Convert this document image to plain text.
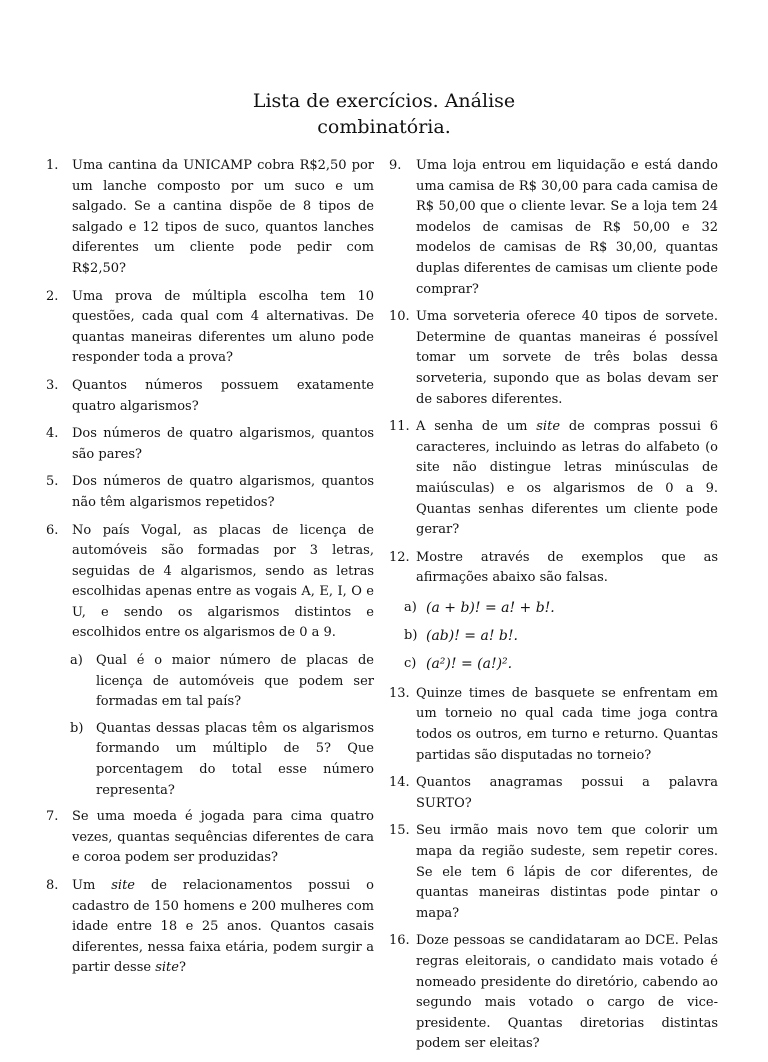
Lista de exercícios. Análise
combinatória.
1.	Uma cantina da UNICAMP cobra R$2,50 por um lanche composto por um suco e um salgado. Se a cantina dispõe de 8 tipos de salgado e 12 tipos de suco, quantos lanches diferentes um cliente pode pedir com R$2,50?
2.	Uma prova de múltipla escolha tem 10 questões, cada qual com 4 alternativas. De quantas maneiras diferentes um aluno pode responder toda a prova?
3.	Quantos números possuem exatamente quatro algarismos?
4.	Dos números de quatro algarismos, quantos são pares?
5.	Dos números de quatro algarismos, quantos não têm algarismos repetidos?
6.	No país Vogal, as placas de licença de automóveis são formadas por 3 letras, seguidas de 4 algarismos, sendo as letras escolhidas apenas entre as vogais A, E, I, O e U, e sendo os algarismos distintos e escolhidos entre os algarismos de 0 a 9.
a) Qual é o maior número de placas de licença de automóveis que podem ser formadas em tal país?
b) Quantas dessas placas têm os algarismos formando um múltiplo de 5? Que porcentagem do total esse número representa?
7.	Se uma moeda é jogada para cima quatro vezes, quantas sequências diferentes de cara e coroa podem ser produzidas?
8.	Um site de relacionamentos possui o cadastro de 150 homens e 200 mulheres com idade entre 18 e 25 anos. Quantos casais diferentes, nessa faixa etária, podem surgir a partir desse site?
9.	Uma loja entrou em liquidação e está dando uma camisa de R$ 30,00 para cada camisa de R$ 50,00 que o cliente levar. Se a loja tem 24 modelos de camisas de R$ 50,00 e 32 modelos de camisas de R$ 30,00, quantas duplas diferentes de camisas um cliente pode comprar?
10. Uma sorveteria oferece 40 tipos de sorvete. Determine de quantas maneiras é possível tomar um sorvete de três bolas dessa sorveteria, supondo que as bolas devam ser de sabores diferentes.
11. A senha de um site de compras possui 6 caracteres, incluindo as letras do alfabeto (o site não distingue letras minúsculas de maiúsculas) e os algarismos de 0 a 9. Quantas senhas diferentes um cliente pode gerar?
12. Mostre através de exemplos que as afirmações abaixo são falsas.
a) (a + b)! = a! + b!.
b) (ab)! = a! b!.
c) (a²)! = (a!)².
13. Quinze times de basquete se enfrentam em um torneio no qual cada time joga contra todos os outros, em turno e returno. Quantas partidas são disputadas no torneio?
14. Quantos anagramas possui a palavra SURTO?
15. Seu irmão mais novo tem que colorir um mapa da região sudeste, sem repetir cores. Se ele tem 6 lápis de cor diferentes, de quantas maneiras distintas pode pintar o mapa?
16. Doze pessoas se candidataram ao DCE. Pelas regras eleitorais, o candidato mais votado é nomeado presidente do diretório, cabendo ao segundo mais votado o cargo de vice-presidente. Quantas diretorias distintas podem ser eleitas?
